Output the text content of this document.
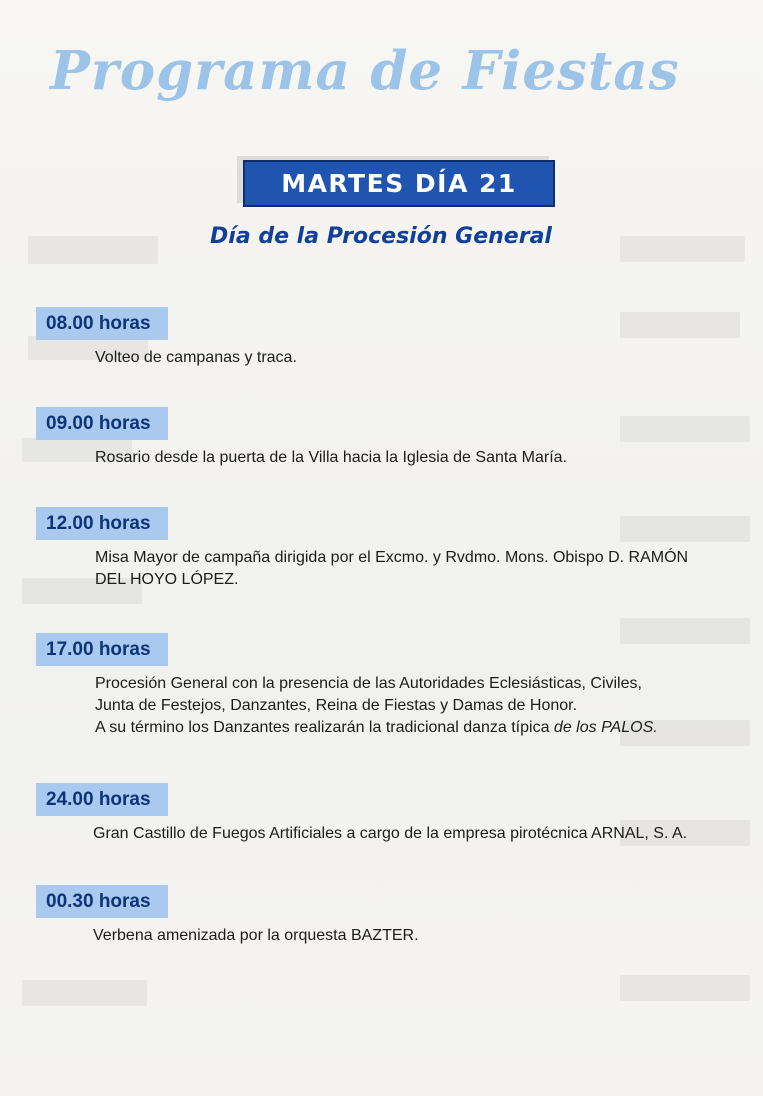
Programa de Fiestas
MARTES DÍA 21
Día de la Procesión General
08.00 horas

Volteo de campanas y traca.

09.00 horas

Rosario desde la puerta de la Villa hacia la Iglesia de Santa María.

12.00 horas

Misa Mayor de campaña dirigida por el Excmo. y Rvdmo. Mons. Obispo D. RAMÓN

DEL HOYO LÓPEZ.

17.00 horas

Procesión General con la presencia de las Autoridades Eclesiásticas, Civiles,

Junta de Festejos, Danzantes, Reina de Fiestas y Damas de Honor.

A su término los Danzantes realizarán la tradicional danza típica de los PALOS.

24.00 horas

Gran Castillo de Fuegos Artificiales a cargo de la empresa pirotécnica ARNAL, S. A.

00.30 horas

Verbena amenizada por la orquesta BAZTER.
